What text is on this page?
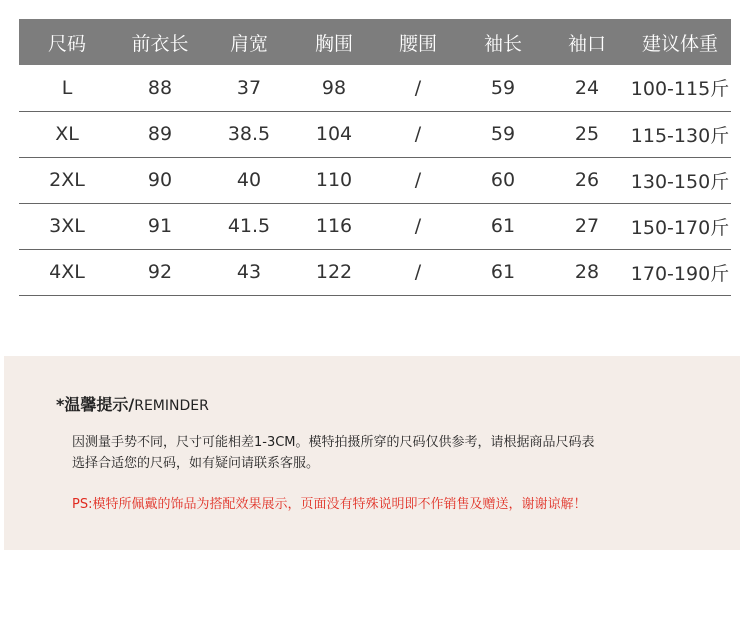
尺码	前衣长	肩宽	胸围	腰围	袖长	袖口	建议体重
L	88	37	98	/	59	24	100-115斤
XL	89	38.5	104	/	59	25	115-130斤
2XL	90	40	110	/	60	26	130-150斤
3XL	91	41.5	116	/	61	27	150-170斤
4XL	92	43	122	/	61	28	170-190斤
*温馨提示/REMINDER
因测量手势不同，尺寸可能相差1-3CM。模特拍摄所穿的尺码仅供参考，请根据商品尺码表
选择合适您的尺码，如有疑问请联系客服。
PS:模特所佩戴的饰品为搭配效果展示，页面没有特殊说明即不作销售及赠送，谢谢谅解！
